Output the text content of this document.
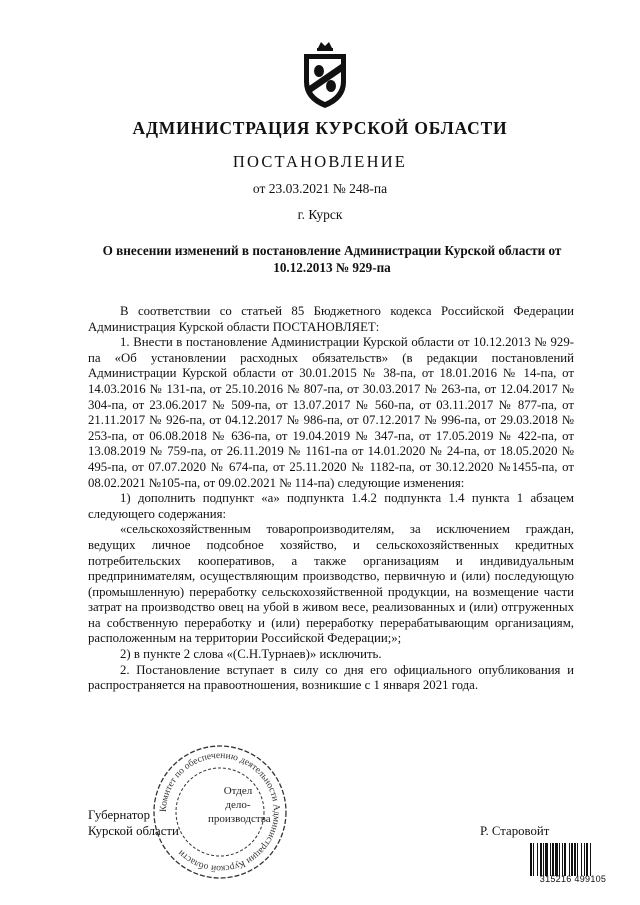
АДМИНИСТРАЦИЯ КУРСКОЙ ОБЛАСТИ
ПОСТАНОВЛЕНИЕ
от 23.03.2021 № 248-па
г. Курск
О внесении изменений в постановление Администрации Курской области от 10.12.2013 № 929-па

В соответствии со статьей 85 Бюджетного кодекса Российской Федерации Администрация Курской области ПОСТАНОВЛЯЕТ:

1. Внести в постановление Администрации Курской области от 10.12.2013 № 929-па «Об установлении расходных обязательств» (в редакции постановлений Администрации Курской области от 30.01.2015 № 38-па, от 18.01.2016 № 14-па, от 14.03.2016 № 131-па, от 25.10.2016 № 807-па, от 30.03.2017 № 263-па, от 12.04.2017 № 304-па, от 23.06.2017 № 509-па, от 13.07.2017 № 560-па, от 03.11.2017 № 877-па, от 21.11.2017 № 926-па, от 04.12.2017 № 986-па, от 07.12.2017 № 996-па, от 29.03.2018 № 253-па, от 06.08.2018 № 636-па, от 19.04.2019 № 347-па, от 17.05.2019 № 422-па, от 13.08.2019 № 759-па, от 26.11.2019 № 1161-па от 14.01.2020 № 24-па, от 18.05.2020 № 495-па, от 07.07.2020 № 674-па, от 25.11.2020 № 1182-па, от 30.12.2020 №1455-па, от 08.02.2021 №105-па, от 09.02.2021 № 114-па) следующие изменения:

1) дополнить подпункт «а» подпункта 1.4.2 подпункта 1.4 пункта 1 абзацем следующего содержания:

«сельскохозяйственным товаропроизводителям, за исключением граждан, ведущих личное подсобное хозяйство, и сельскохозяйственных кредитных потребительских кооперативов, а также организациям и индивидуальным предпринимателям, осуществляющим производство, первичную и (или) последующую (промышленную) переработку сельскохозяйственной продукции, на возмещение части затрат на производство овец на убой в живом весе, реализованных и (или) отгруженных на собственную переработку и (или) переработку перерабатывающим организациям, расположенным на территории Российской Федерации;»;

2) в пункте 2 слова «(С.Н.Турнаев)» исключить.

2. Постановление вступает в силу со дня его официального опубликования и распространяется на правоотношения, возникшие с 1 января 2021 года.

Губернатор
Курской области
Комитет по обеспечению деятельности Администрации Курской области
Отдел
дело-
производства
Р. Старовойт
315216 499105
